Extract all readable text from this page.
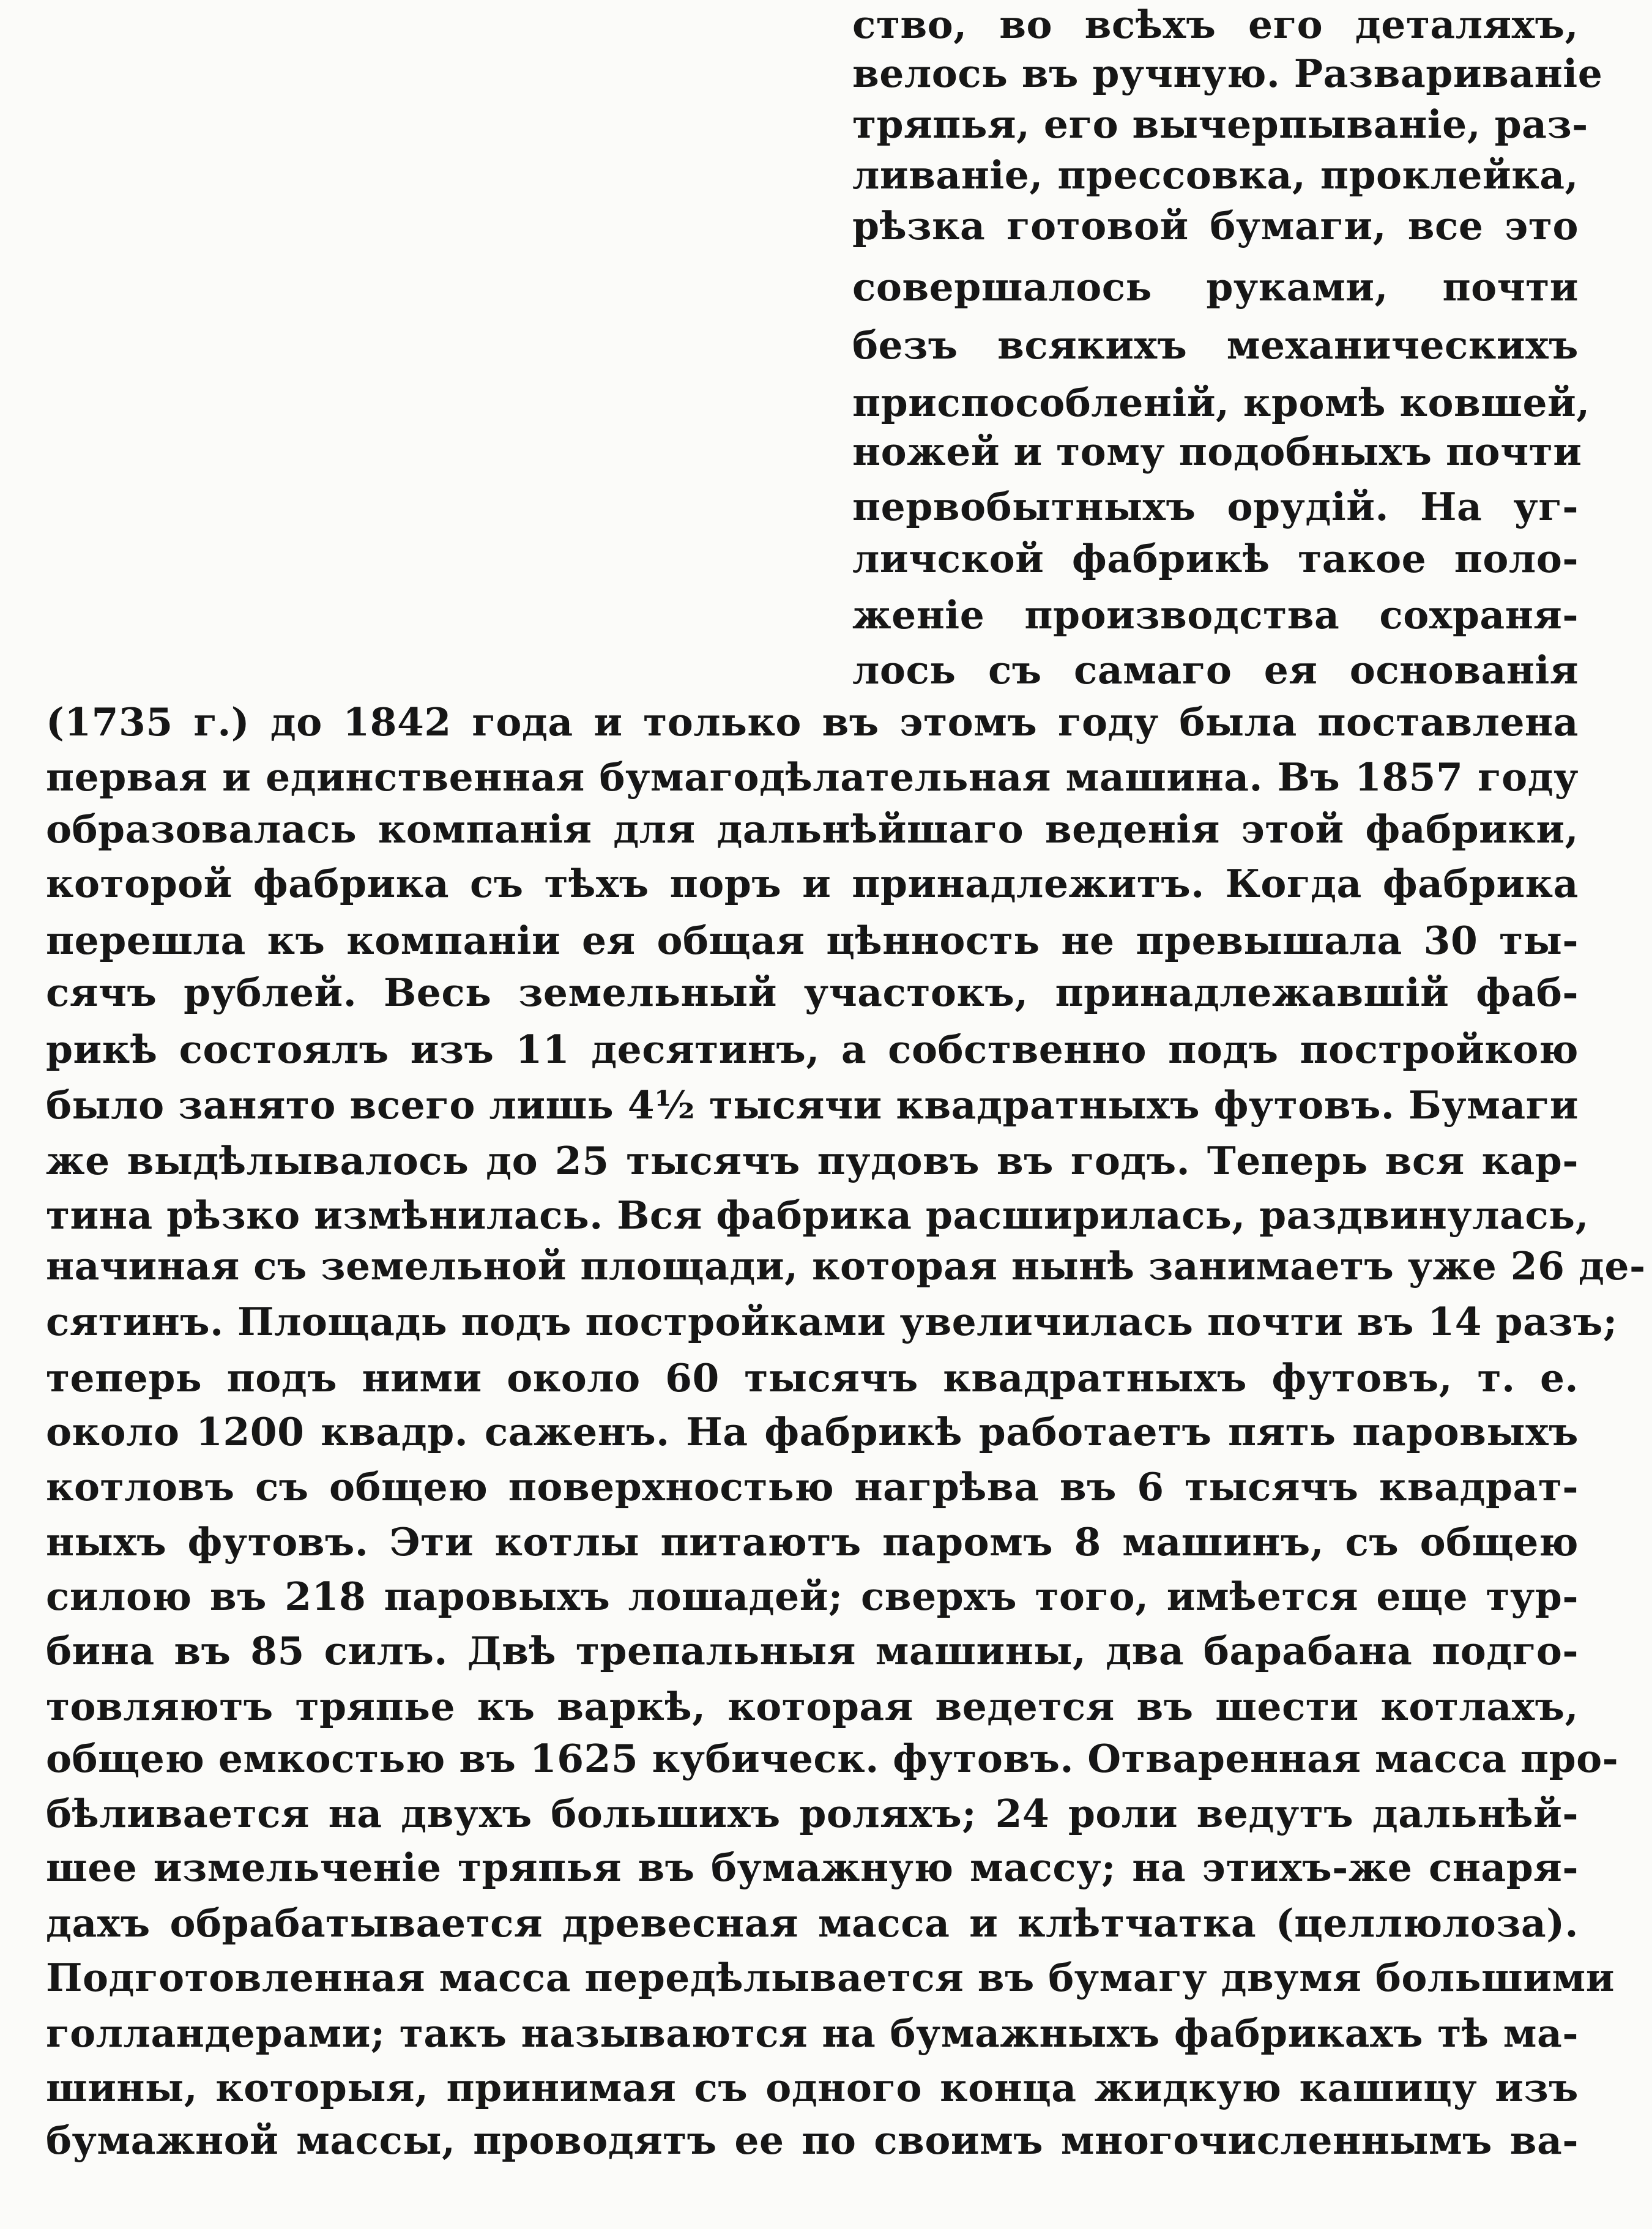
ство, во всѣхъ его деталяхъ,
велось въ ручную. Развариваніе
тряпья, его вычерпываніе, раз-
ливаніе, прессовка, проклейка,
рѣзка готовой бумаги, все это
совершалось руками, почти
безъ всякихъ механическихъ
приспособленій, кромѣ ковшей,
ножей и тому подобныхъ почти
первобытныхъ орудій. На уг-
личской фабрикѣ такое поло-
женіе производства сохраня-
лось съ самаго ея основанія
(1735 г.) до 1842 года и только въ этомъ году была поставлена
первая и единственная бумагодѣлательная машина. Въ 1857 году
образовалась компанія для дальнѣйшаго веденія этой фабрики,
которой фабрика съ тѣхъ поръ и принадлежитъ. Когда фабрика
перешла къ компаніи ея общая цѣнность не превышала 30 ты-
сячъ рублей. Весь земельный участокъ, принадлежавшій фаб-
рикѣ состоялъ изъ 11 десятинъ, а собственно подъ постройкою
было занято всего лишь 4½ тысячи квадратныхъ футовъ. Бумаги
же выдѣлывалось до 25 тысячъ пудовъ въ годъ. Теперь вся кар-
тина рѣзко измѣнилась. Вся фабрика расширилась, раздвинулась,
начиная съ земельной площади, которая нынѣ занимаетъ уже 26 де-
сятинъ. Площадь подъ постройками увеличилась почти въ 14 разъ;
теперь подъ ними около 60 тысячъ квадратныхъ футовъ, т. е.
около 1200 квадр. саженъ. На фабрикѣ работаетъ пять паровыхъ
котловъ съ общею поверхностью нагрѣва въ 6 тысячъ квадрат-
ныхъ футовъ. Эти котлы питаютъ паромъ 8 машинъ, съ общею
силою въ 218 паровыхъ лошадей; сверхъ того, имѣется еще тур-
бина въ 85 силъ. Двѣ трепальныя машины, два барабана подго-
товляютъ тряпье къ варкѣ, которая ведется въ шести котлахъ,
общею емкостью въ 1625 кубическ. футовъ. Отваренная масса про-
бѣливается на двухъ большихъ роляхъ; 24 роли ведутъ дальнѣй-
шее измельченіе тряпья въ бумажную массу; на этихъ-же снаря-
дахъ обрабатывается древесная масса и клѣтчатка (целлюлоза).
Подготовленная масса передѣлывается въ бумагу двумя большими
голландерами; такъ называются на бумажныхъ фабрикахъ тѣ ма-
шины, которыя, принимая съ одного конца жидкую кашицу изъ
бумажной массы, проводятъ ее по своимъ многочисленнымъ ва-
